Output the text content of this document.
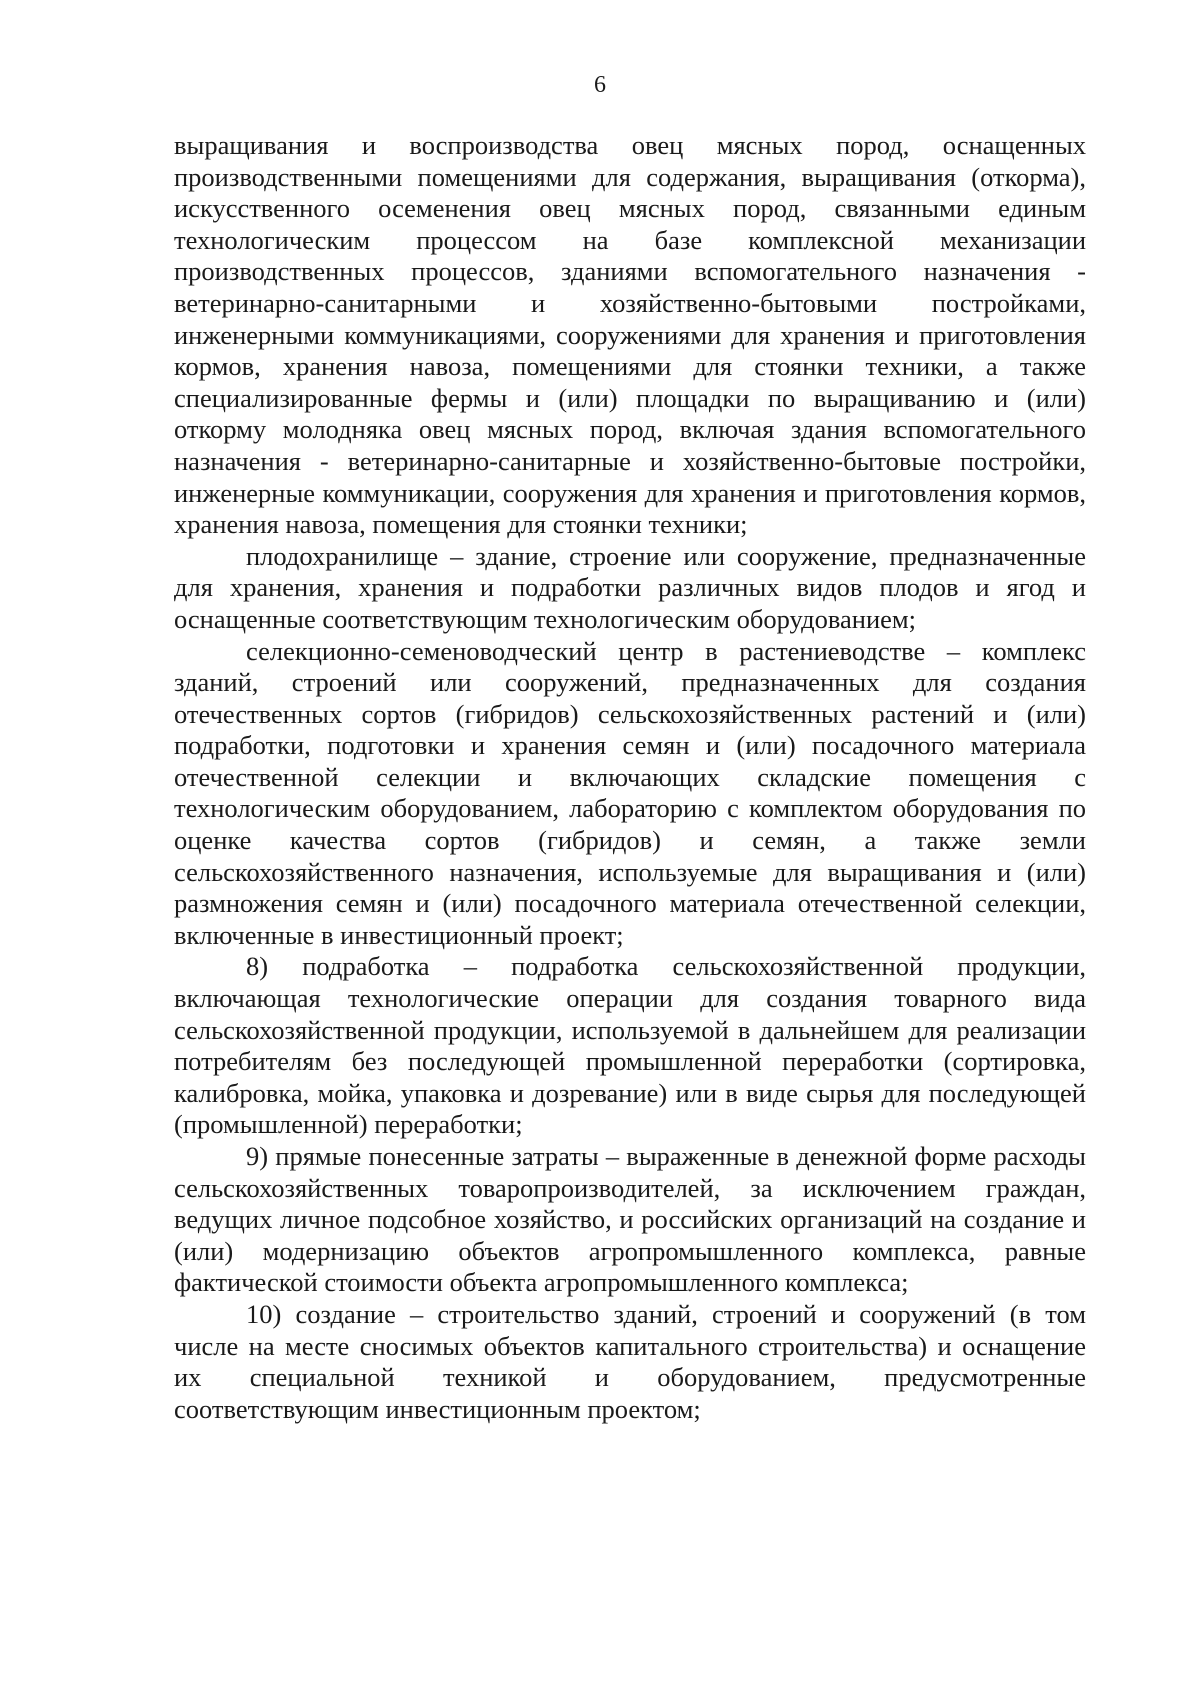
6

выращивания и воспроизводства овец мясных пород, оснащенных производственными помещениями для содержания, выращивания (откорма), искусственного осеменения овец мясных пород, связанными единым технологическим процессом на базе комплексной механизации производственных процессов, зданиями вспомогательного назначения - ветеринарно-санитарными и хозяйственно-бытовыми постройками, инженерными коммуникациями, сооружениями для хранения и приготовления кормов, хранения навоза, помещениями для стоянки техники, а также специализированные фермы и (или) площадки по выращиванию и (или) откорму молодняка овец мясных пород, включая здания вспомогательного назначения - ветеринарно-санитарные и хозяйственно-бытовые постройки, инженерные коммуникации, сооружения для хранения и приготовления кормов, хранения навоза, помещения для стоянки техники;

плодохранилище – здание, строение или сооружение, предназначенные для хранения, хранения и подработки различных видов плодов и ягод и оснащенные соответствующим технологическим оборудованием;

селекционно-семеноводческий центр в растениеводстве – комплекс зданий, строений или сооружений, предназначенных для создания отечественных сортов (гибридов) сельскохозяйственных растений и (или) подработки, подготовки и хранения семян и (или) посадочного материала отечественной селекции и включающих складские помещения с технологическим оборудованием, лабораторию с комплектом оборудования по оценке качества сортов (гибридов) и семян, а также земли сельскохозяйственного назначения, используемые для выращивания и (или) размножения семян и (или) посадочного материала отечественной селекции, включенные в инвестиционный проект;

8) подработка – подработка сельскохозяйственной продукции, включающая технологические операции для создания товарного вида сельскохозяйственной продукции, используемой в дальнейшем для реализации потребителям без последующей промышленной переработки (сортировка, калибровка, мойка, упаковка и дозревание) или в виде сырья для последующей (промышленной) переработки;

9) прямые понесенные затраты – выраженные в денежной форме расходы сельскохозяйственных товаропроизводителей, за исключением граждан, ведущих личное подсобное хозяйство, и российских организаций на создание и (или) модернизацию объектов агропромышленного комплекса, равные фактической стоимости объекта агропромышленного комплекса;

10) создание – строительство зданий, строений и сооружений (в том числе на месте сносимых объектов капитального строительства) и оснащение их специальной техникой и оборудованием, предусмотренные соответствующим инвестиционным проектом;
